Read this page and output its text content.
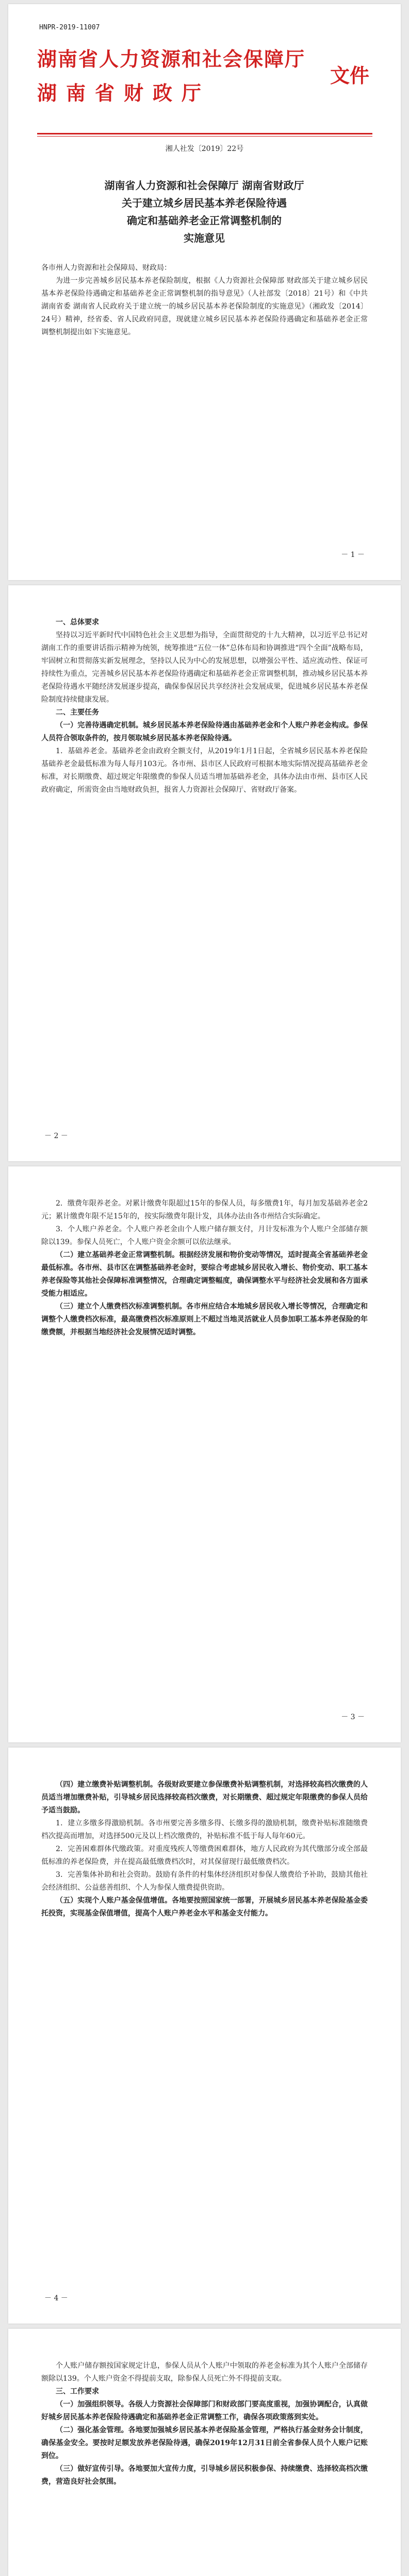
HNPR-2019-11007
湖南省人力资源和社会保障厅
湖南省财政厅
文件
湘人社发〔2019〕22号
湖南省人力资源和社会保障厅 湖南省财政厅
关于建立城乡居民基本养老保险待遇
确定和基础养老金正常调整机制的
实施意见

各市州人力资源和社会保障局、财政局：

为进一步完善城乡居民基本养老保险制度，根据《人力资源社会保障部 财政部关于建立城乡居民基本养老保险待遇确定和基础养老金正常调整机制的指导意见》（人社部发〔2018〕21号）和《中共湖南省委 湖南省人民政府关于建立统一的城乡居民基本养老保险制度的实施意见》（湘政发〔2014〕24号）精神，经省委、省人民政府同意，现就建立城乡居民基本养老保险待遇确定和基础养老金正常调整机制提出如下实施意见。

－ 1 －

一、总体要求

坚持以习近平新时代中国特色社会主义思想为指导，全面贯彻党的十九大精神，以习近平总书记对湖南工作的重要讲话指示精神为统领，统筹推进“五位一体”总体布局和协调推进“四个全面”战略布局，牢固树立和贯彻落实新发展理念，坚持以人民为中心的发展思想，以增强公平性、适应流动性、保证可持续性为重点，完善城乡居民基本养老保险待遇确定和基础养老金正常调整机制，推动城乡居民基本养老保险待遇水平随经济发展逐步提高，确保参保居民共享经济社会发展成果，促进城乡居民基本养老保险制度持续健康发展。

二、主要任务

（一）完善待遇确定机制。城乡居民基本养老保险待遇由基础养老金和个人账户养老金构成。参保人员符合领取条件的，按月领取城乡居民基本养老保险待遇。

1．基础养老金。基础养老金由政府全额支付，从2019年1月1日起，全省城乡居民基本养老保险基础养老金最低标准为每人每月103元。各市州、县市区人民政府可根据本地实际情况提高基础养老金标准，对长期缴费、超过规定年限缴费的参保人员适当增加基础养老金，具体办法由市州、县市区人民政府确定，所需资金由当地财政负担，报省人力资源社会保障厅、省财政厅备案。

－ 2 －

2．缴费年限养老金。对累计缴费年限超过15年的参保人员，每多缴费1年，每月加发基础养老金2元；累计缴费年限不足15年的，按实际缴费年限计发，具体办法由各市州结合实际确定。

3．个人账户养老金。个人账户养老金由个人账户储存额支付，月计发标准为个人账户全部储存额除以139。参保人员死亡，个人账户资金余额可以依法继承。

（二）建立基础养老金正常调整机制。根据经济发展和物价变动等情况，适时提高全省基础养老金最低标准。各市州、县市区在调整基础养老金时，要综合考虑城乡居民收入增长、物价变动、职工基本养老保险等其他社会保障标准调整情况，合理确定调整幅度，确保调整水平与经济社会发展和各方面承受能力相适应。

（三）建立个人缴费档次标准调整机制。各市州应结合本地城乡居民收入增长等情况，合理确定和调整个人缴费档次标准，最高缴费档次标准原则上不超过当地灵活就业人员参加职工基本养老保险的年缴费额，并根据当地经济社会发展情况适时调整。

－ 3 －

（四）建立缴费补贴调整机制。各级财政要建立参保缴费补贴调整机制，对选择较高档次缴费的人员适当增加缴费补贴，引导城乡居民选择较高档次缴费，对长期缴费、超过规定年限缴费的参保人员给予适当鼓励。

1．建立多缴多得激励机制。各市州要完善多缴多得、长缴多得的激励机制，缴费补贴标准随缴费档次提高而增加，对选择500元及以上档次缴费的，补贴标准不低于每人每年60元。

2．完善困难群体代缴政策。对重度残疾人等缴费困难群体，地方人民政府为其代缴部分或全部最低标准的养老保险费，并在提高最低缴费档次时，对其保留现行最低缴费档次。

3．完善集体补助和社会资助。鼓励有条件的村集体经济组织对参保人缴费给予补助，鼓励其他社会经济组织、公益慈善组织、个人为参保人缴费提供资助。

（五）实现个人账户基金保值增值。各地要按照国家统一部署，开展城乡居民基本养老保险基金委托投资，实现基金保值增值，提高个人账户养老金水平和基金支付能力。

－ 4 －

个人账户储存额按国家规定计息，参保人员从个人账户中领取的养老金标准为其个人账户全部储存额除以139。个人账户资金不得提前支取，除参保人员死亡外不得提前支取。

三、工作要求

（一）加强组织领导。各级人力资源社会保障部门和财政部门要高度重视，加强协调配合，认真做好城乡居民基本养老保险待遇确定和基础养老金正常调整工作，确保各项政策落到实处。

（二）强化基金管理。各地要加强城乡居民基本养老保险基金管理，严格执行基金财务会计制度，确保基金安全。要按时足额发放养老保险待遇，确保2019年12月31日前全省参保人员个人账户记账到位。

（三）做好宣传引导。各地要加大宣传力度，引导城乡居民积极参保、持续缴费、选择较高档次缴费，营造良好社会氛围。
